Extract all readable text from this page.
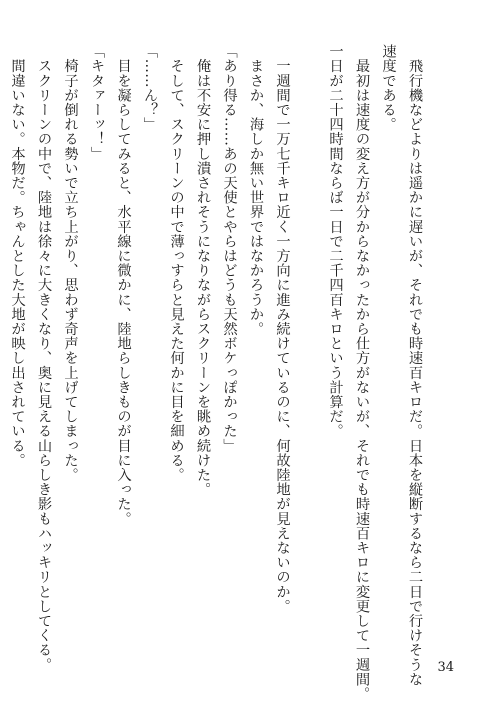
　飛行機などよりは遥かに遅いが、それでも時速百キロだ。日本を縦断するなら二日で行けそうな
速度である。
　最初は速度の変え方が分からなかったから仕方がないが、それでも時速百キロに変更して一週間。
一日が二十四時間ならば一日で二千四百キロという計算だ。
　一週間で一万七千キロ近く一方向に進み続けているのに、何故陸地が見えないのか。
　まさか、海しか無い世界ではなかろうか。
「あり得る……あの天使とやらはどうも天然ボケっぽかった」
　俺は不安に押し潰されそうになりながらスクリーンを眺め続けた。
　そして、スクリーンの中で薄っすらと見えた何かに目を細める。
「……ん？」
　目を凝らしてみると、水平線に微かに、陸地らしきものが目に入った。
「キタァーッ！」
　椅子が倒れる勢いで立ち上がり、思わず奇声を上げてしまった。
　スクリーンの中で、陸地は徐々に大きくなり、奥に見える山らしき影もハッキリとしてくる。
　間違いない。本物だ。ちゃんとした大地が映し出されている。
34
